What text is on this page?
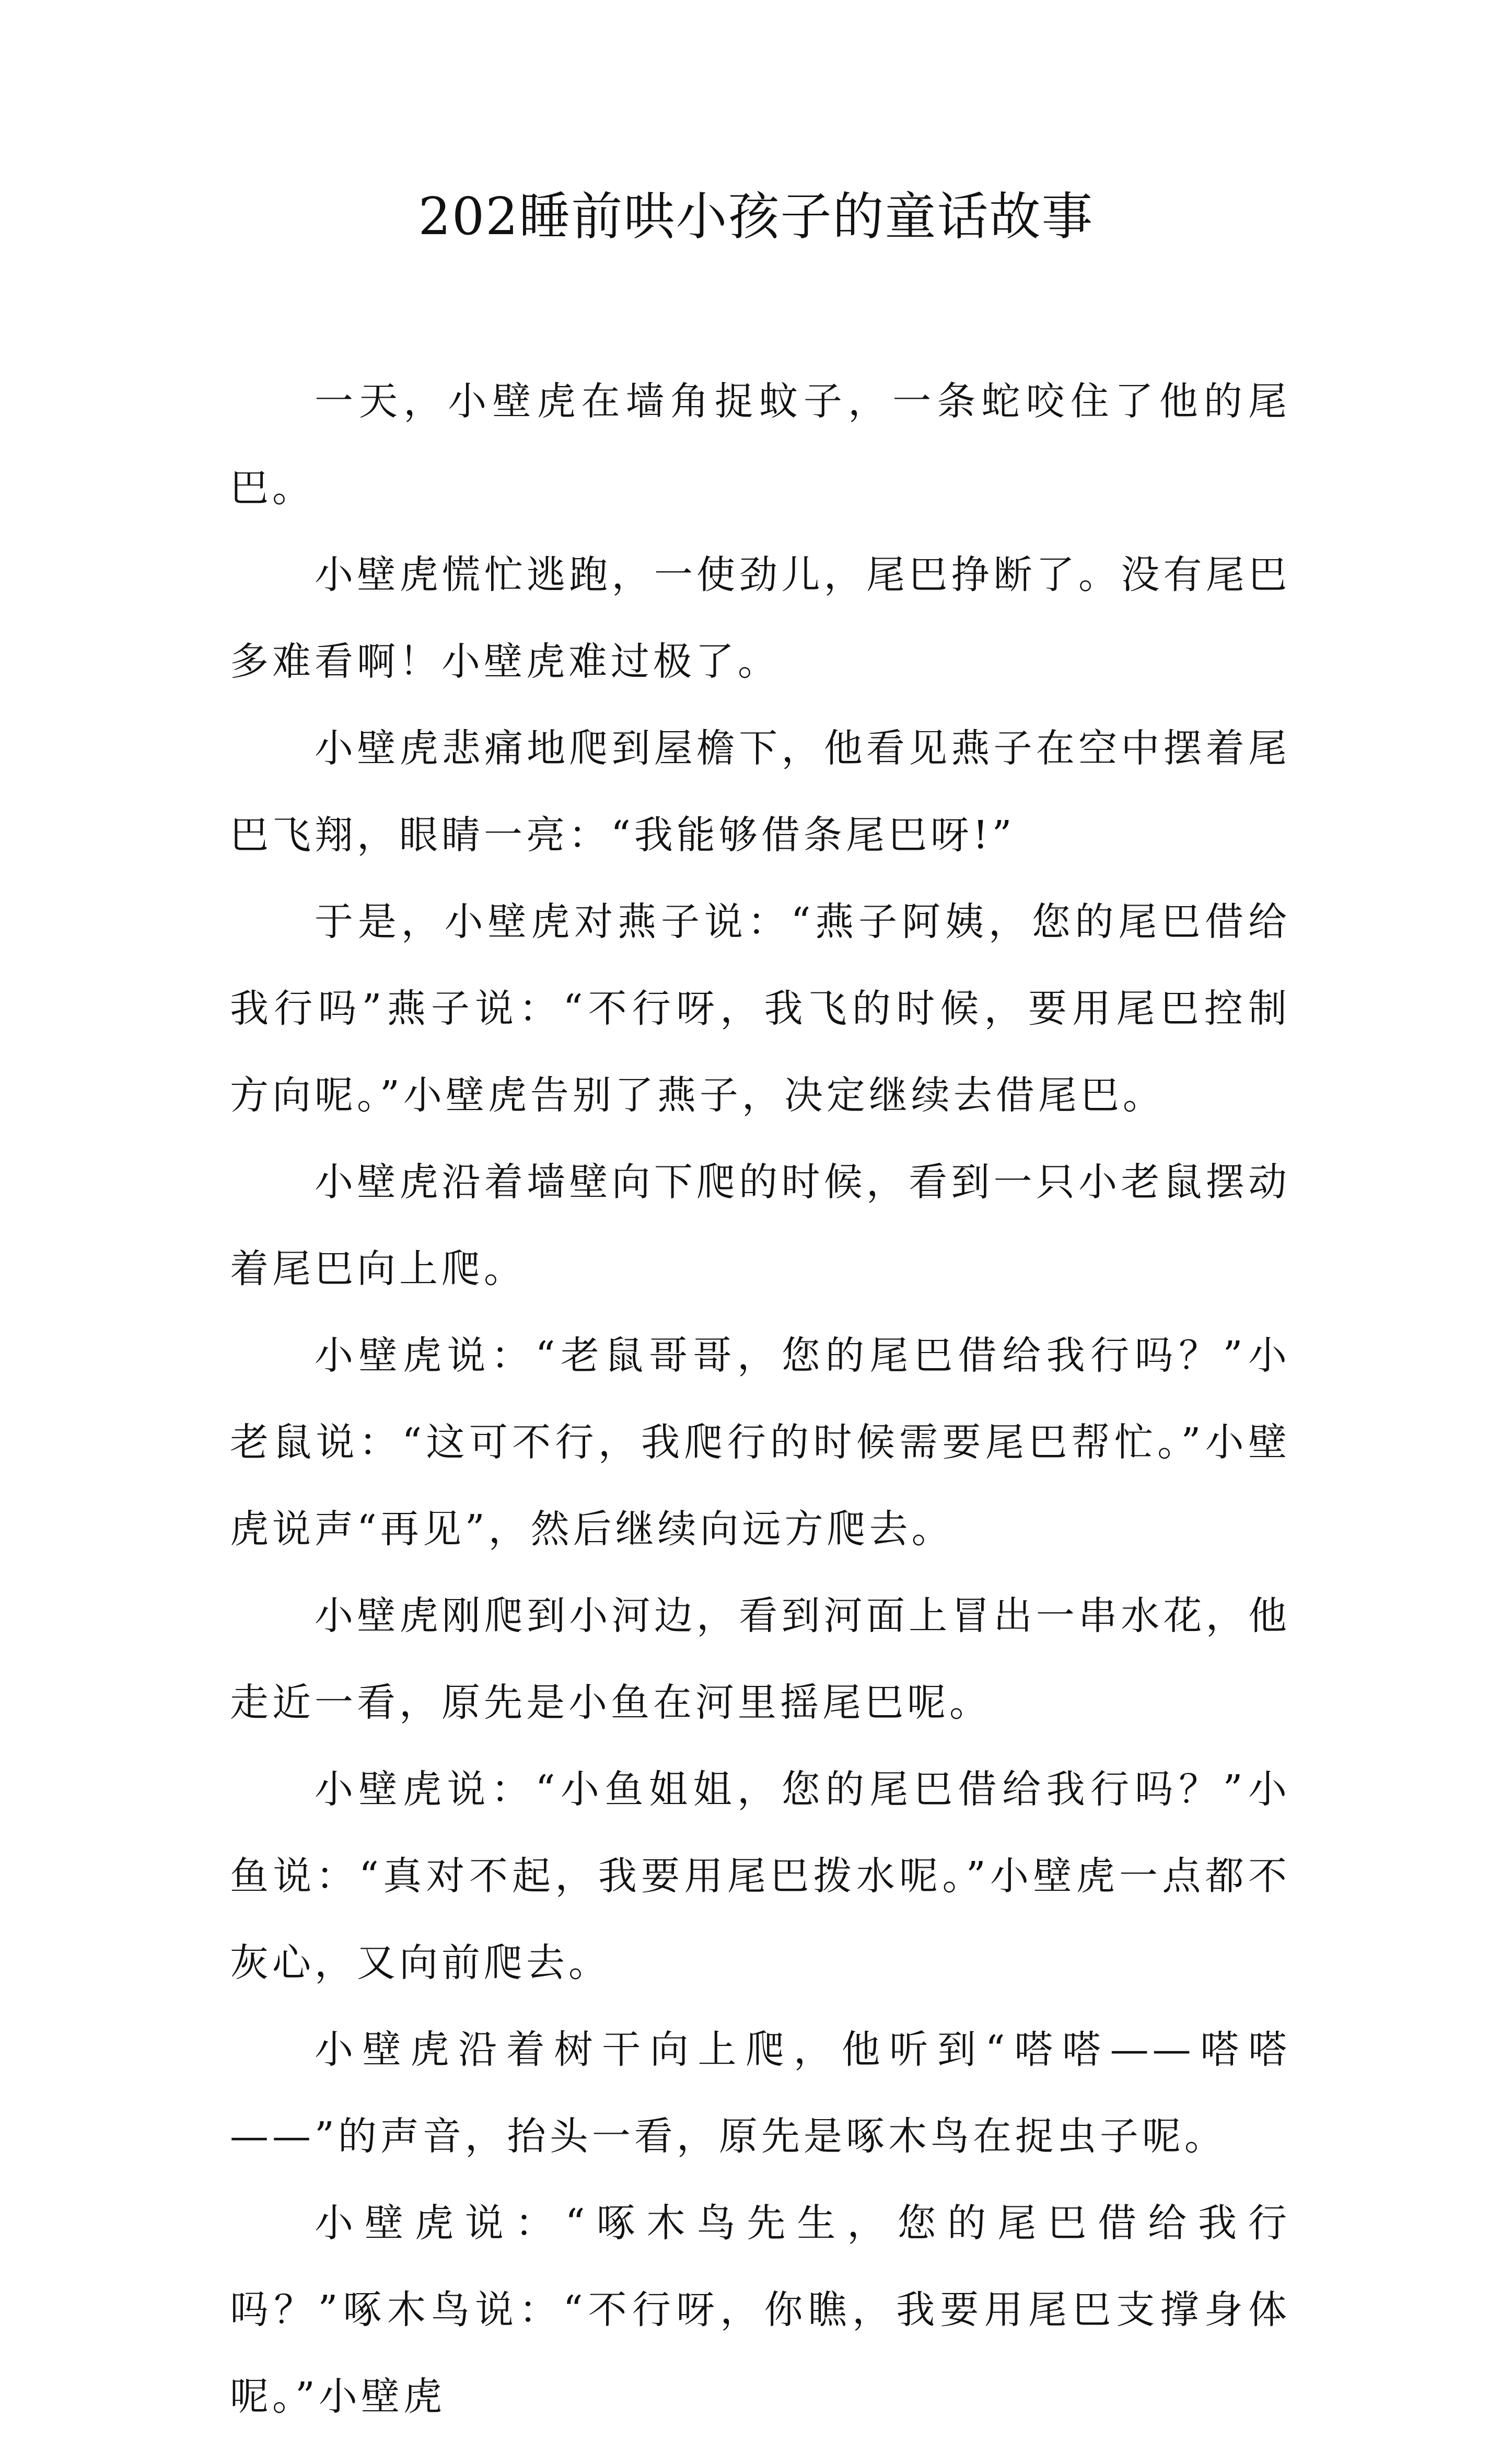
202睡前哄小孩子的童话故事

一天，小壁虎在墙角捉蚊子，一条蛇咬住了他的尾巴。

小壁虎慌忙逃跑，一使劲儿，尾巴挣断了。没有尾巴多难看啊！小壁虎难过极了。

小壁虎悲痛地爬到屋檐下，他看见燕子在空中摆着尾巴飞翔，眼睛一亮：“我能够借条尾巴呀!”

于是，小壁虎对燕子说：“燕子阿姨，您的尾巴借给我行吗”燕子说：“不行呀，我飞的时候，要用尾巴控制方向呢。”小壁虎告别了燕子，决定继续去借尾巴。

小壁虎沿着墙壁向下爬的时候，看到一只小老鼠摆动着尾巴向上爬。

小壁虎说：“老鼠哥哥，您的尾巴借给我行吗？”小老鼠说：“这可不行，我爬行的时候需要尾巴帮忙。”小壁虎说声“再见”，然后继续向远方爬去。

小壁虎刚爬到小河边，看到河面上冒出一串水花，他走近一看，原先是小鱼在河里摇尾巴呢。

小壁虎说：“小鱼姐姐，您的尾巴借给我行吗？”小鱼说：“真对不起，我要用尾巴拨水呢。”小壁虎一点都不灰心，又向前爬去。

小壁虎沿着树干向上爬，他听到“嗒嗒——嗒嗒——”的声音，抬头一看，原先是啄木鸟在捉虫子呢。

小壁虎说：“啄木鸟先生，您的尾巴借给我行吗？”啄木鸟说：“不行呀，你瞧，我要用尾巴支撑身体呢。”小壁虎
